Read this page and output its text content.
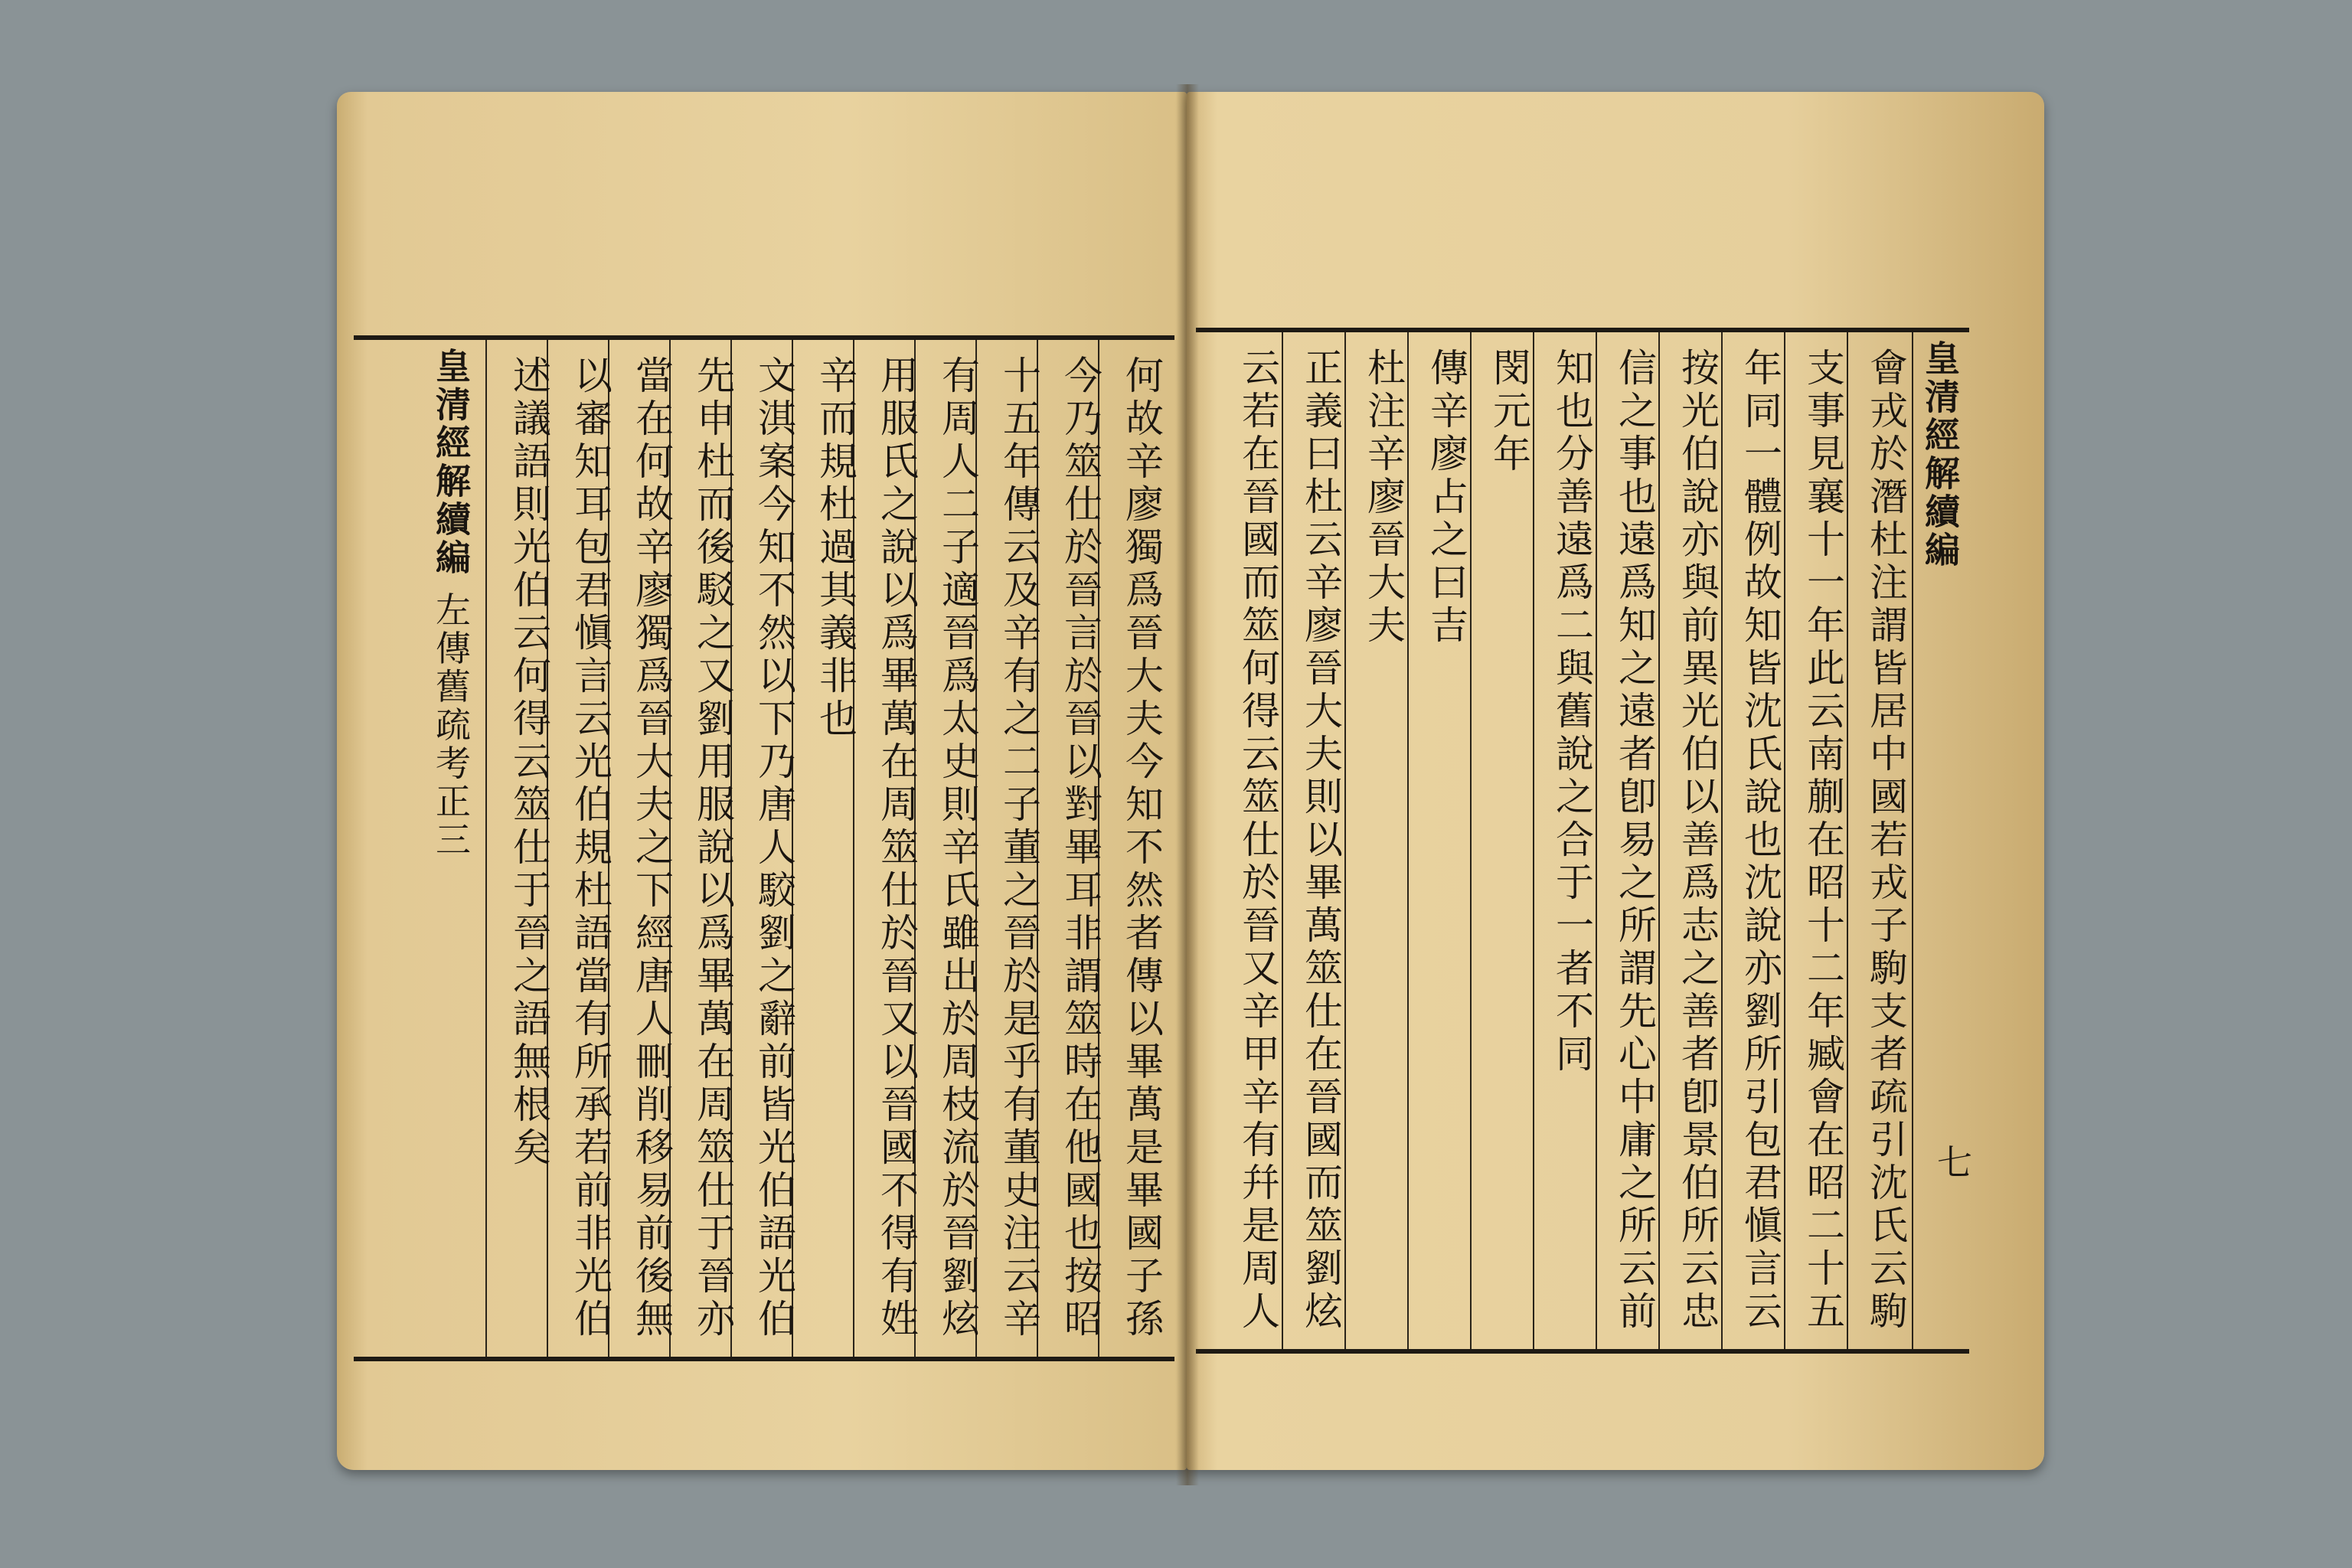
何故辛廖獨爲晉大夫今知不然者傳以畢萬是畢國子孫
今乃筮仕於晉言於晉以對畢耳非謂筮時在他國也按昭
十五年傳云及辛有之二子董之晉於是乎有董史注云辛
有周人二子適晉爲太史則辛氏雖出於周枝流於晉劉炫
用服氏之說以爲畢萬在周筮仕於晉又以晉國不得有姓
辛而規杜過其義非也
文淇案今知不然以下乃唐人駮劉之辭前皆光伯語光伯
先申杜而後駁之又劉用服說以爲畢萬在周筮仕于晉亦
當在何故辛廖獨爲晉大夫之下經唐人刪削移易前後無
以審知耳包君愼言云光伯規杜語當有所承若前非光伯
述議語則光伯云何得云筮仕于晉之語無根矣
皇清經解續編 左傳舊疏考正三
皇清經解續編
會戎於潛杜注謂皆居中國若戎子駒支者疏引沈氏云駒
支事見襄十一年此云南蒯在昭十二年臧會在昭二十五
年同一體例故知皆沈氏說也沈說亦劉所引包君愼言云
按光伯說亦與前異光伯以善爲志之善者卽景伯所云忠
信之事也遠爲知之遠者卽易之所謂先心中庸之所云前
知也分善遠爲二與舊說之合于一者不同
閔元年
傳辛廖占之曰吉
杜注辛廖晉大夫
正義曰杜云辛廖晉大夫則以畢萬筮仕在晉國而筮劉炫
云若在晉國而筮何得云筮仕於晉又辛甲辛有幷是周人	七
